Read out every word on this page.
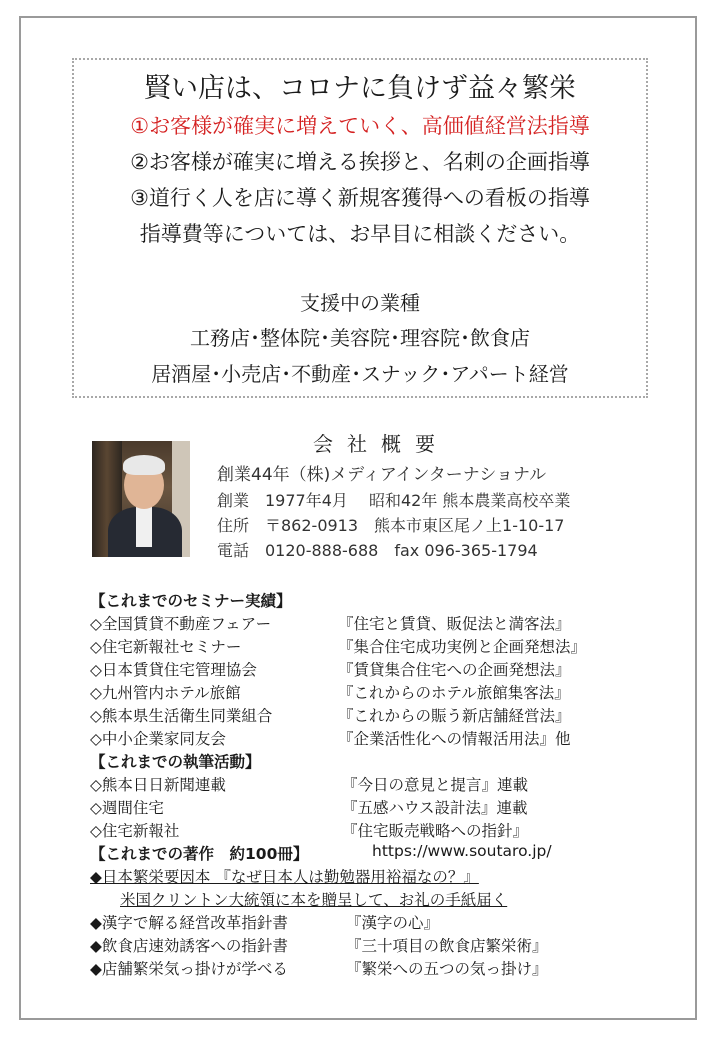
賢い店は、コロナに負けず益々繁栄
①お客様が確実に増えていく、高価値経営法指導
②お客様が確実に増える挨拶と、名刺の企画指導
③道行く人を店に導く新規客獲得への看板の指導
指導費等については、お早目に相談ください。
支援中の業種
工務店･整体院･美容院･理容院･飲食店
居酒屋･小売店･不動産･スナック･アパート経営
会社概要
創業44年（株)メディアインターナショナル
創業　1977年4月　 昭和42年 熊本農業高校卒業
住所　〒862-0913　熊本市東区尾ノ上1-10-17
電話　0120-888-688　fax 096-365-1794
【これまでのセミナー実績】
◇全国賃貸不動産フェアー	『住宅と賃貸、販促法と満客法』
◇住宅新報社セミナー	『集合住宅成功実例と企画発想法』
◇日本賃貸住宅管理協会	『賃貸集合住宅への企画発想法』
◇九州管内ホテル旅館	『これからのホテル旅館集客法』
◇熊本県生活衛生同業組合	『これからの賑う新店舗経営法』
◇中小企業家同友会	『企業活性化への情報活用法』他
【これまでの執筆活動】
◇熊本日日新聞連載	『今日の意見と提言』連載
◇週間住宅	『五感ハウス設計法』連載
◇住宅新報社	『住宅販売戦略への指針』
【これまでの著作　約100冊】	https://www.soutaro.jp/
◆日本繁栄要因本 『なぜ日本人は勤勉器用裕福なの？』
米国クリントン大統領に本を贈呈して、お礼の手紙届く
◆漢字で解る経営改革指針書	『漢字の心』
◆飲食店速効誘客への指針書	『三十項目の飲食店繁栄術』
◆店舗繁栄気っ掛けが学べる	『繁栄への五つの気っ掛け』
